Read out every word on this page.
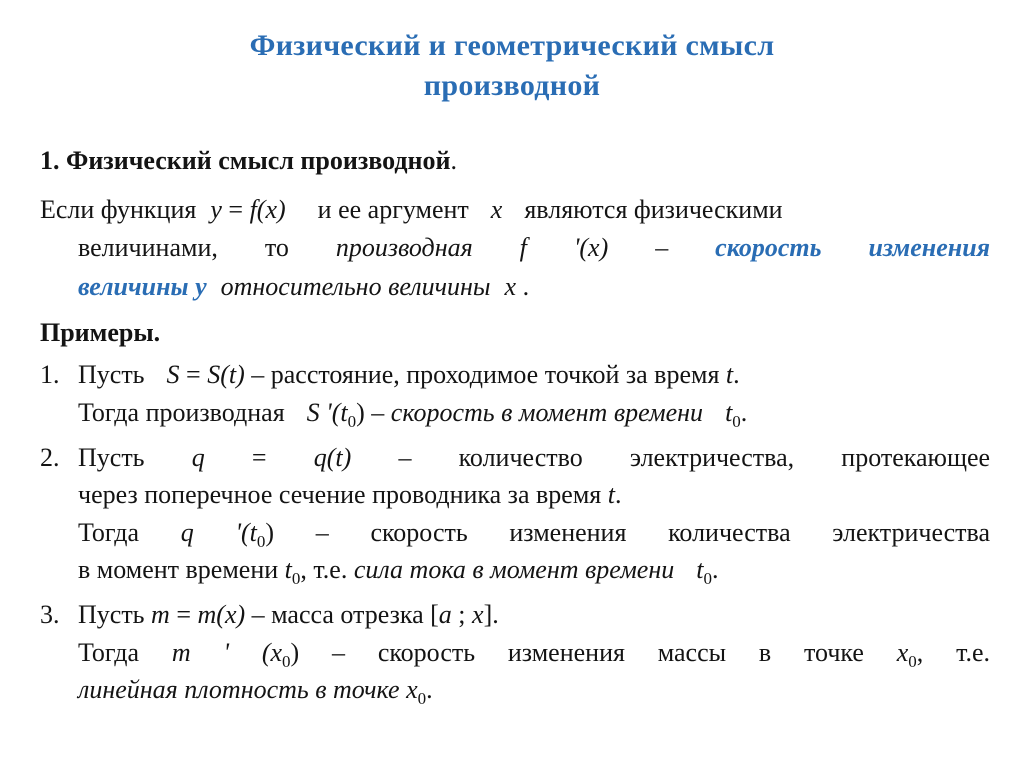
Физический и геометрический смысл
производной
1. Физический смысл производной.
Если функция y = f(x) и ее аргумент x являются физическими
величинами, то производная f '(x) – скорость изменения
величины y относительно величины x .
Примеры.
1. Пусть S = S(t) – расстояние, проходимое точкой за время t.
Тогда производная S '$(t_0)$ – скорость в момент времени $t_0$.
2. Пусть q = q(t) – количество электричества, протекающее
через поперечное сечение проводника за время t.
Тогда q '$(t_0)$ – скорость изменения количества электричества
в момент времени $t_0$, т.е. сила тока в момент времени $t_0$.
3. Пусть m = m(x) – масса отрезка [a ; x].
Тогда m ' $(x_0)$ – скорость изменения массы в точке $x_0$, т.е.
линейная плотность в точке $x_0$.
